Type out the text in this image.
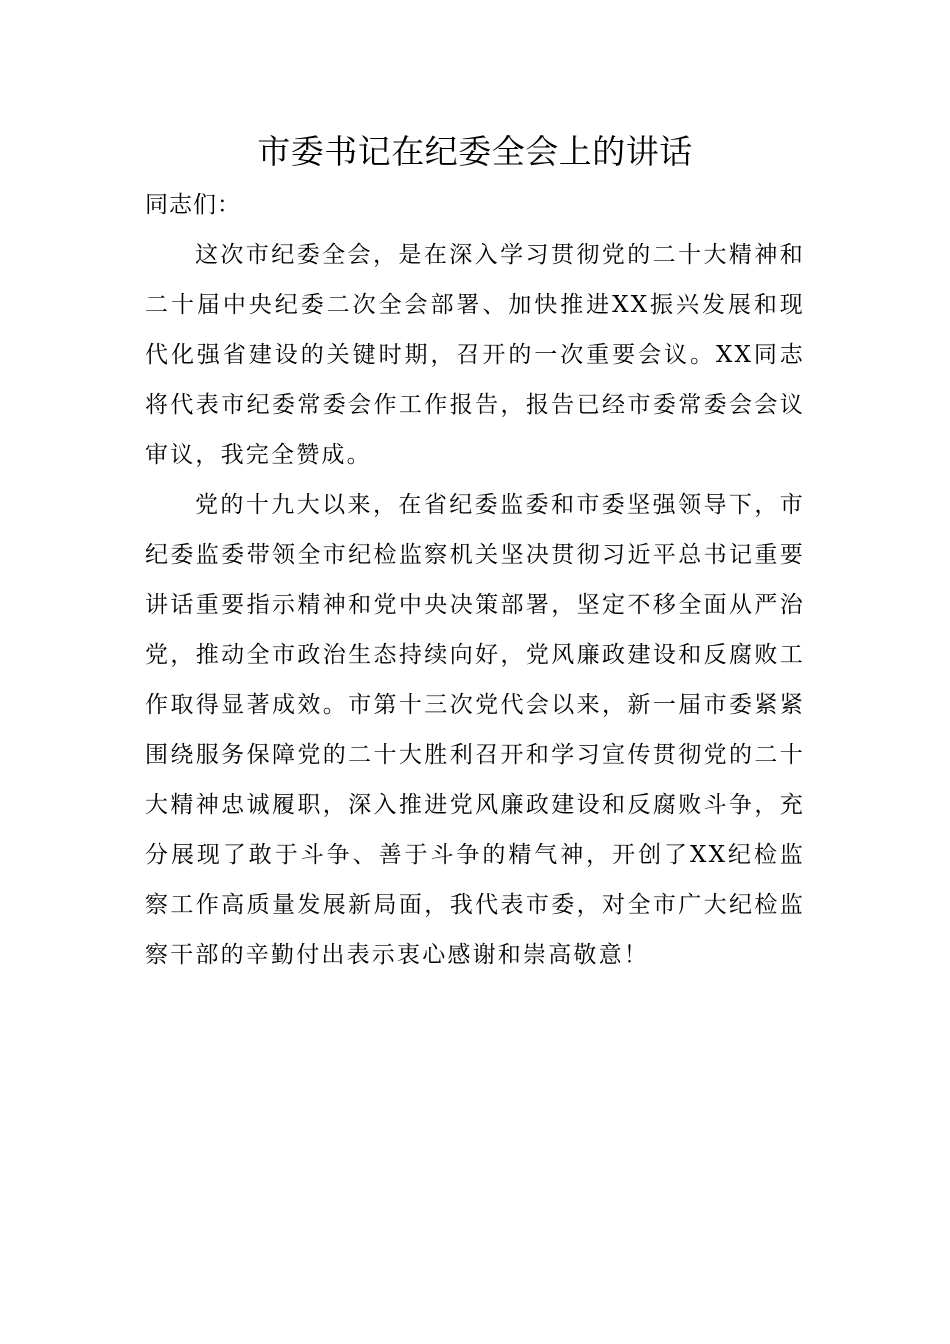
市委书记在纪委全会上的讲话

同志们：

这次市纪委全会，是在深入学习贯彻党的二十大精神和二十届中央纪委二次全会部署、加快推进XX振兴发展和现代化强省建设的关键时期，召开的一次重要会议。XX同志将代表市纪委常委会作工作报告，报告已经市委常委会会议审议，我完全赞成。

党的十九大以来，在省纪委监委和市委坚强领导下，市纪委监委带领全市纪检监察机关坚决贯彻习近平总书记重要讲话重要指示精神和党中央决策部署，坚定不移全面从严治党，推动全市政治生态持续向好，党风廉政建设和反腐败工作取得显著成效。市第十三次党代会以来，新一届市委紧紧围绕服务保障党的二十大胜利召开和学习宣传贯彻党的二十大精神忠诚履职，深入推进党风廉政建设和反腐败斗争，充分展现了敢于斗争、善于斗争的精气神，开创了XX纪检监察工作高质量发展新局面，我代表市委，对全市广大纪检监察干部的辛勤付出表示衷心感谢和崇高敬意！
